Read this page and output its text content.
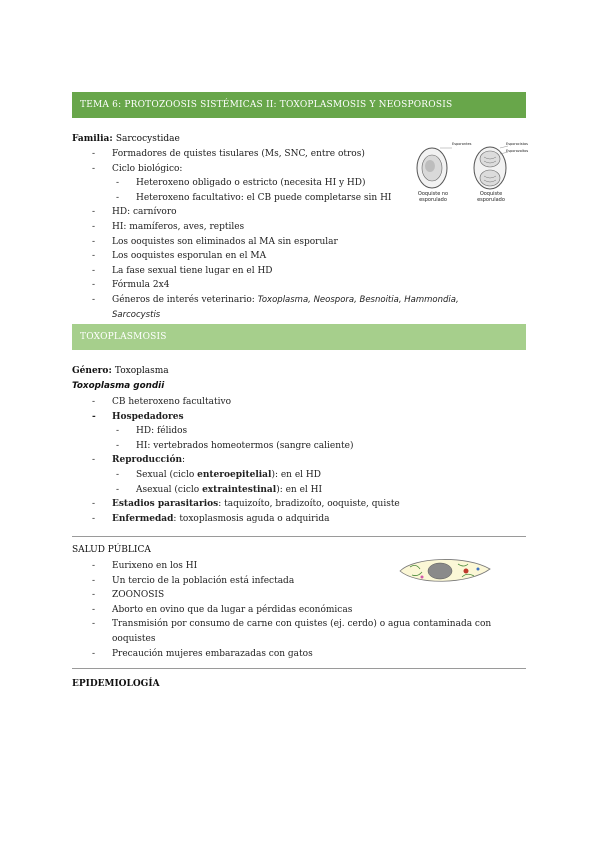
TEMA 6: PROTOZOOSIS SISTÉMICAS II: TOXOPLASMOSIS Y NEOSPOROSIS
Familia: Sarcocystidae
- Formadores de quistes tisulares (Ms, SNC, entre otros)
- Ciclo biológico:
- Heteroxeno obligado o estricto (necesita HI y HD)
- Heteroxeno facultativo: el CB puede completarse sin HI
- HD: carnívoro
- HI: mamíferos, aves, reptiles
- Los ooquistes son eliminados al MA sin esporular
- Los ooquistes esporulan en el MA
- La fase sexual tiene lugar en el HD
- Fórmula 2x4
- Géneros de interés veterinario: Toxoplasma, Neospora, Besnoitia, Hammondia,
Sarcocystis
Esporontes	Esporocistos
Esporozoítos
Ooquiste no
esporulado
Ooquiste
esporulado
TOXOPLASMOSIS
Género: Toxoplasma
Toxoplasma gondii
- CB heteroxeno facultativo
- Hospedadores
- HD: félidos
- HI: vertebrados homeotermos (sangre caliente)
- Reproducción:
- Sexual (ciclo enteroepitelial): en el HD
- Asexual (ciclo extraintestinal): en el HI
- Estadios parasitarios: taquizoíto, bradizoíto, ooquiste, quiste
- Enfermedad: toxoplasmosis aguda o adquirida
SALUD PÚBLICA
- Eurixeno en los HI
- Un tercio de la población está infectada
- ZOONOSIS
- Aborto en ovino que da lugar a pérdidas económicas
- Transmisión por consumo de carne con quistes (ej. cerdo) o agua contaminada con
ooquistes
- Precaución mujeres embarazadas con gatos
EPIDEMIOLOGÍA
